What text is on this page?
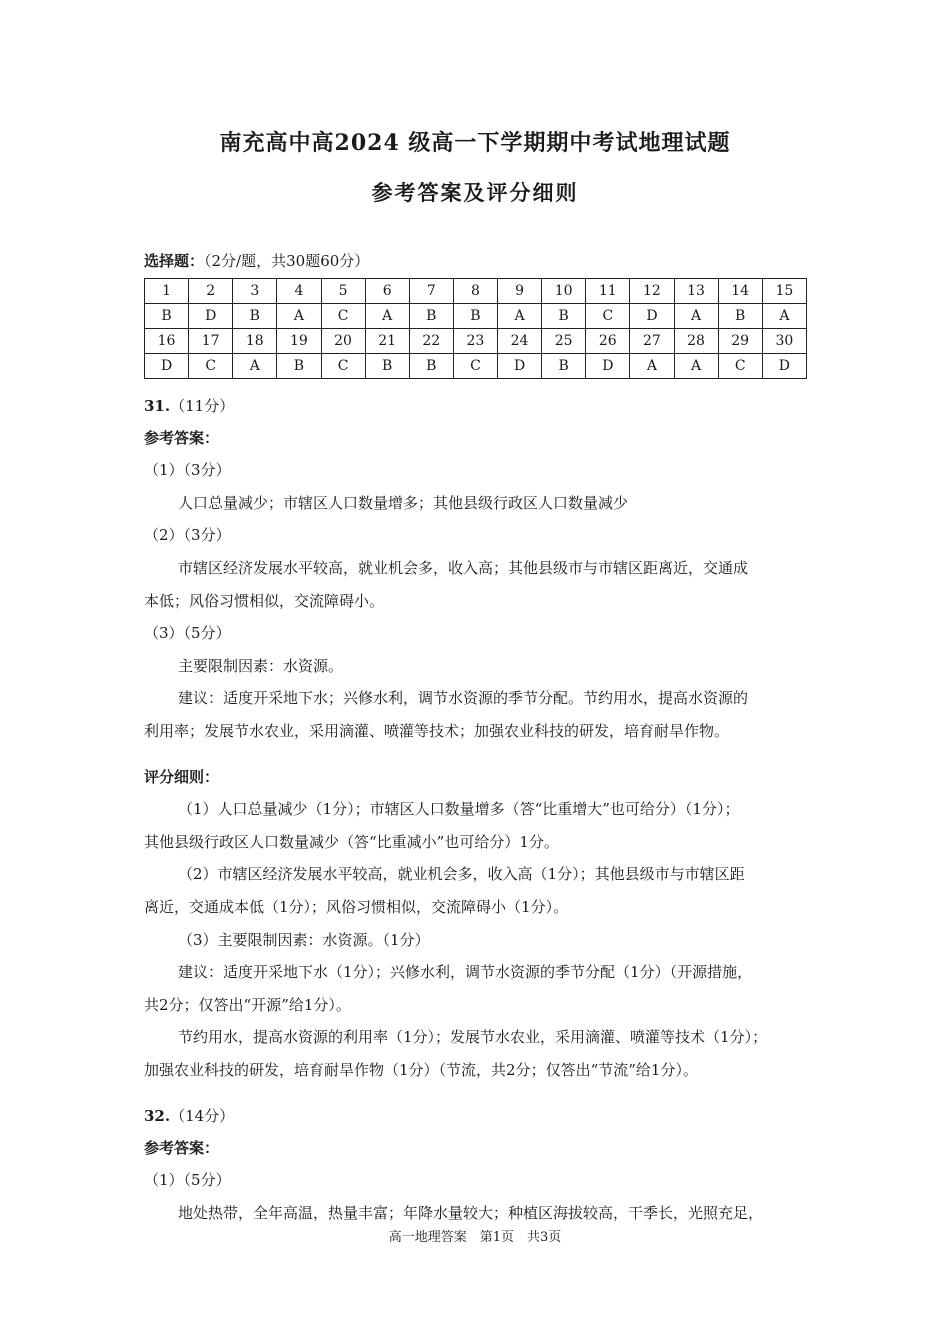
南充高中高2024 级高一下学期期中考试地理试题
参考答案及评分细则
选择题：（2分/题，共30题60分）
1	2	3	4	5	6	7	8	9	10	11	12	13	14	15
B	D	B	A	C	A	B	B	A	B	C	D	A	B	A
16	17	18	19	20	21	22	23	24	25	26	27	28	29	30
D	C	A	B	C	B	B	C	D	B	D	A	A	C	D
31.（11分）
参考答案：
（1）（3分）
人口总量减少；市辖区人口数量增多；其他县级行政区人口数量减少
（2）（3分）
市辖区经济发展水平较高，就业机会多，收入高；其他县级市与市辖区距离近，交通成
本低；风俗习惯相似，交流障碍小。
（3）（5分）
主要限制因素：水资源。
建议：适度开采地下水；兴修水利，调节水资源的季节分配。节约用水，提高水资源的
利用率；发展节水农业，采用滴灌、喷灌等技术；加强农业科技的研发，培育耐旱作物。
评分细则：
（1）人口总量减少（1分）；市辖区人口数量增多（答“比重增大”也可给分）（1分）；
其他县级行政区人口数量减少（答“比重减小”也可给分）1分。
（2）市辖区经济发展水平较高，就业机会多，收入高（1分）；其他县级市与市辖区距
离近，交通成本低（1分）；风俗习惯相似，交流障碍小（1分）。
（3）主要限制因素：水资源。（1分）
建议：适度开采地下水（1分）；兴修水利，调节水资源的季节分配（1分）（开源措施，
共2分；仅答出“开源”给1分）。
节约用水，提高水资源的利用率（1分）；发展节水农业，采用滴灌、喷灌等技术（1分）；
加强农业科技的研发，培育耐旱作物（1分）（节流，共2分；仅答出“节流”给1分）。
32.（14分）
参考答案：
（1）（5分）
地处热带，全年高温，热量丰富；年降水量较大；种植区海拔较高，干季长，光照充足，
高一地理答案　第1页　共3页
